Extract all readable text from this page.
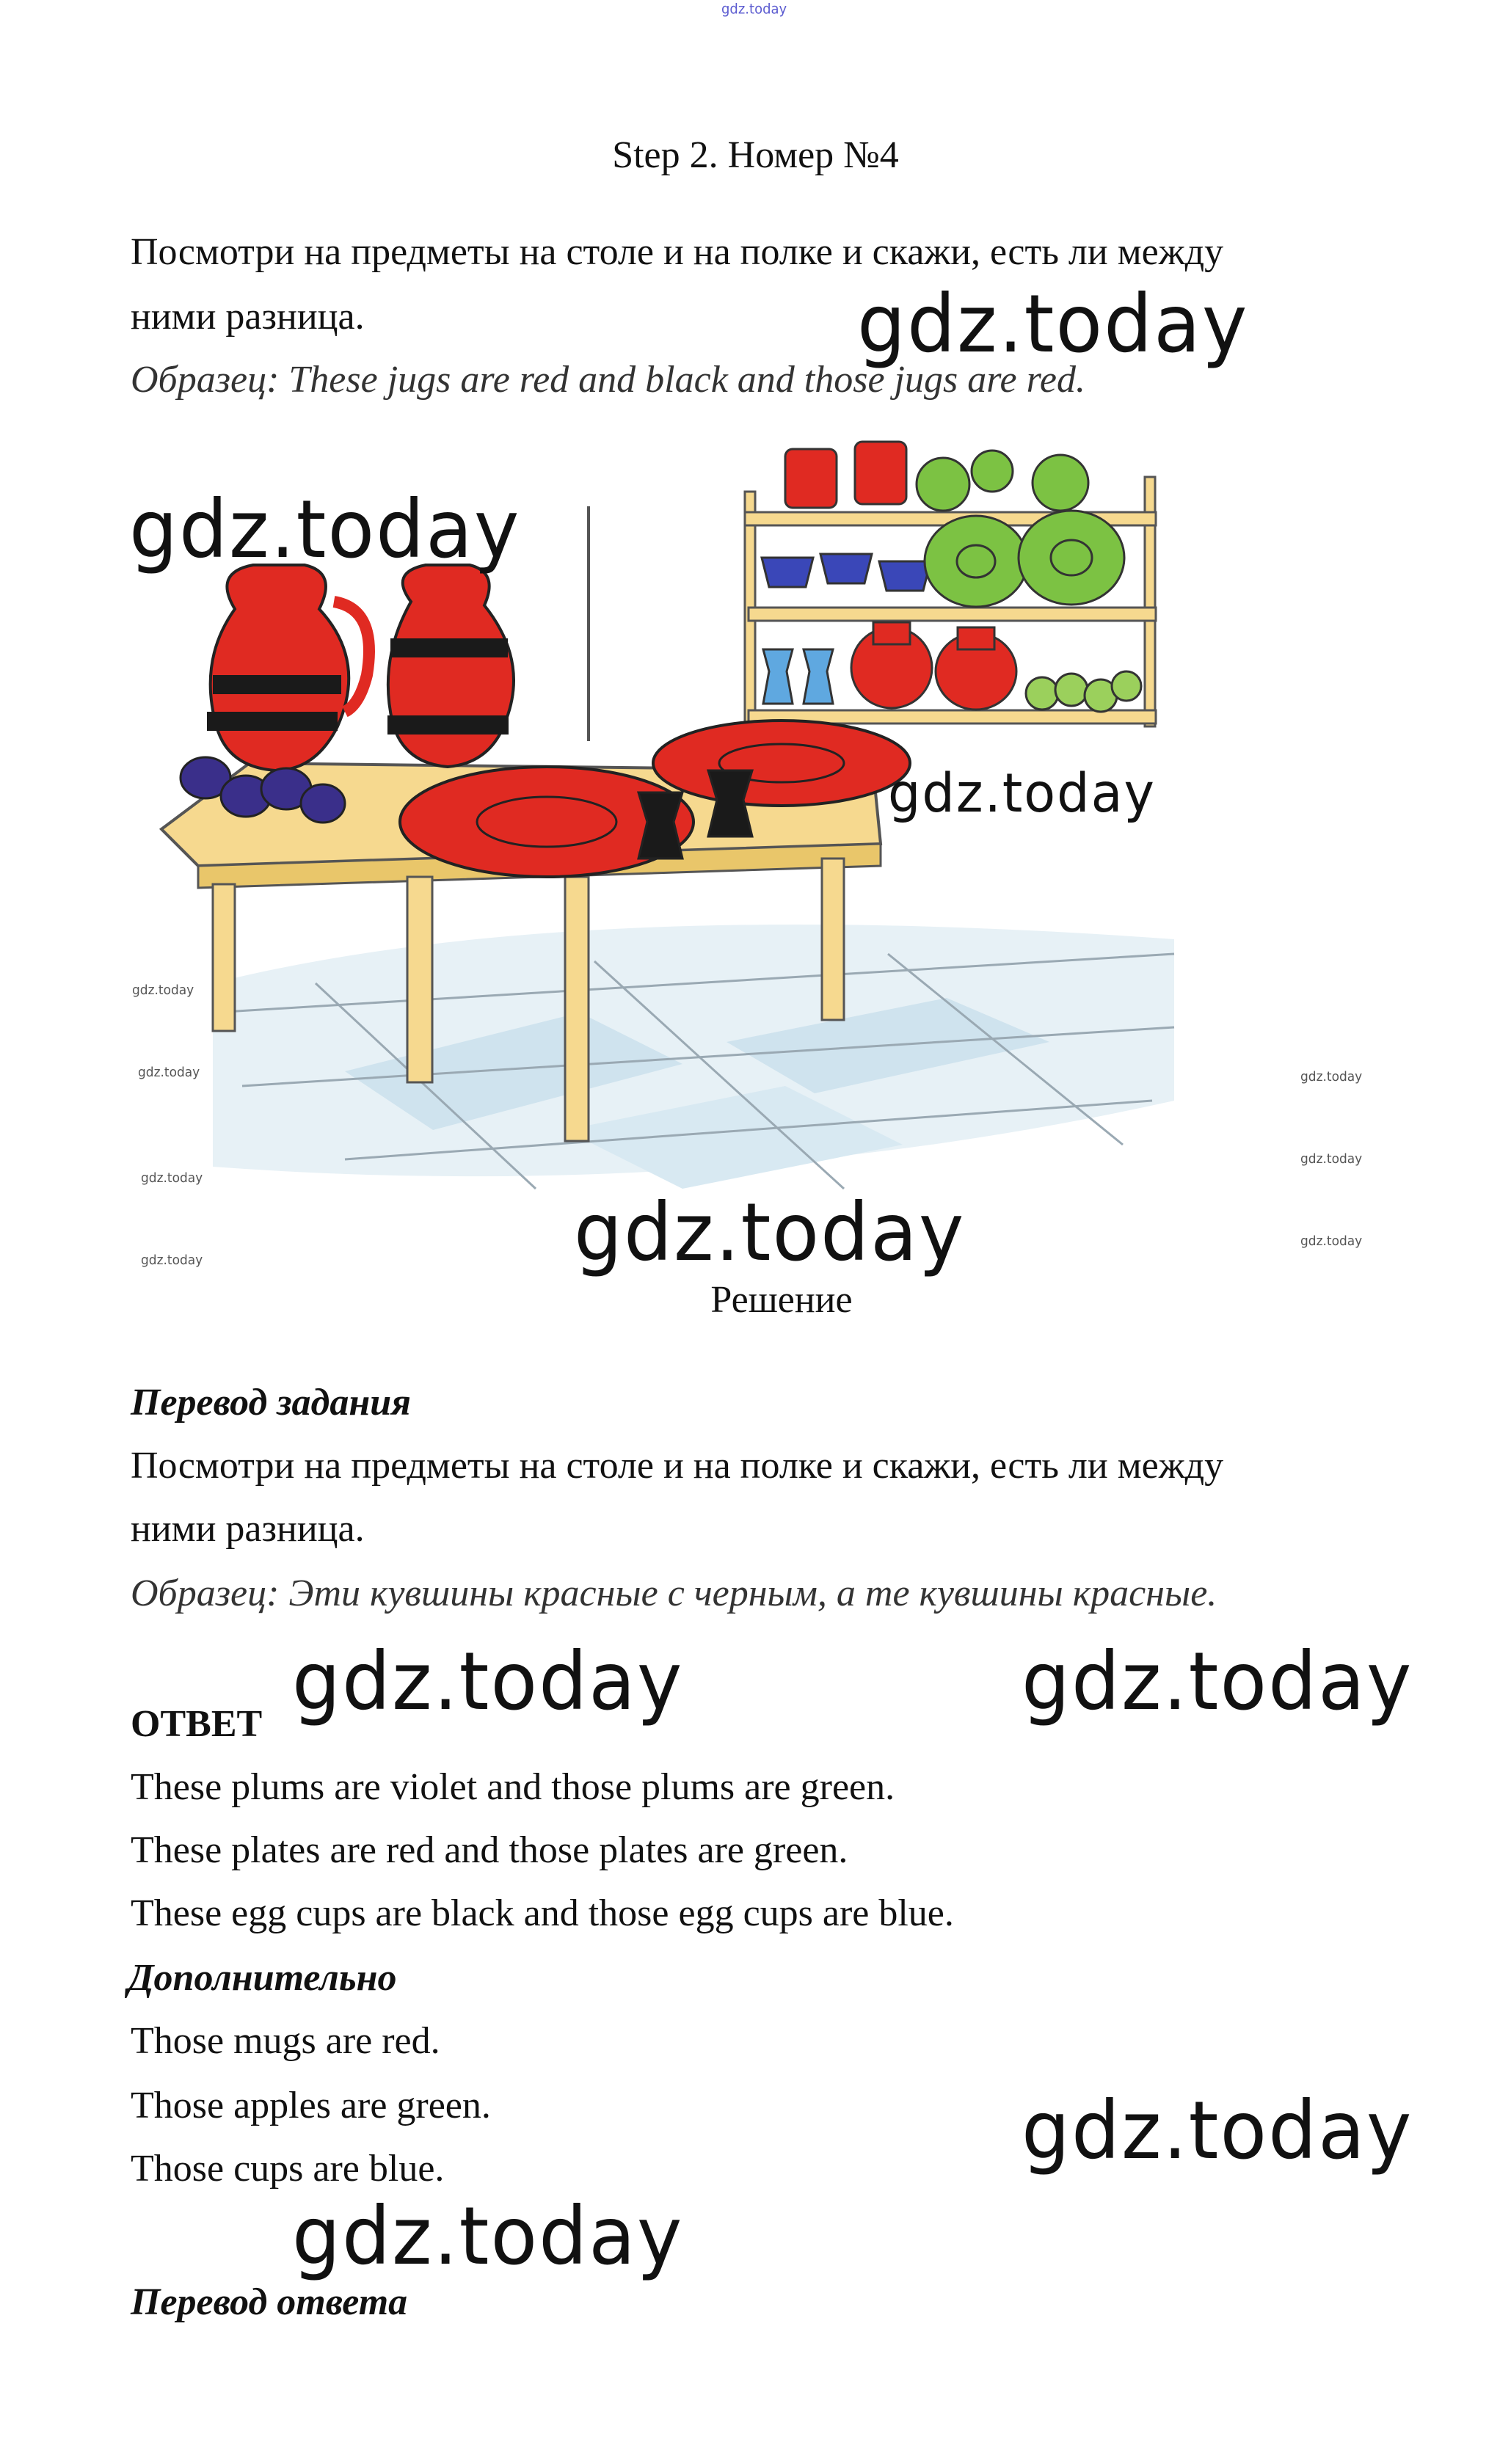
gdz.today
Step 2. Номер №4
Посмотри на предметы на столе и на полке и скажи, есть ли между
ними разница.
Образец: These jugs are red and black and those jugs are red.
gdz.today
gdz.today
gdz.today
gdz.today
gdz.today
gdz.today
gdz.today
gdz.today
gdz.today
gdz.today
gdz.today
Решение
Перевод задания
Посмотри на предметы на столе и на полке и скажи, есть ли между
ними разница.
Образец: Эти кувшины красные с черным, а те кувшины красные.
gdz.today	gdz.today
ОТВЕТ
These plums are violet and those plums are green.
These plates are red and those plates are green.
These egg cups are black and those egg cups are blue.
Дополнительно
Those mugs are red.
Those apples are green.
Those cups are blue.	gdz.today
gdz.today
Перевод ответа
